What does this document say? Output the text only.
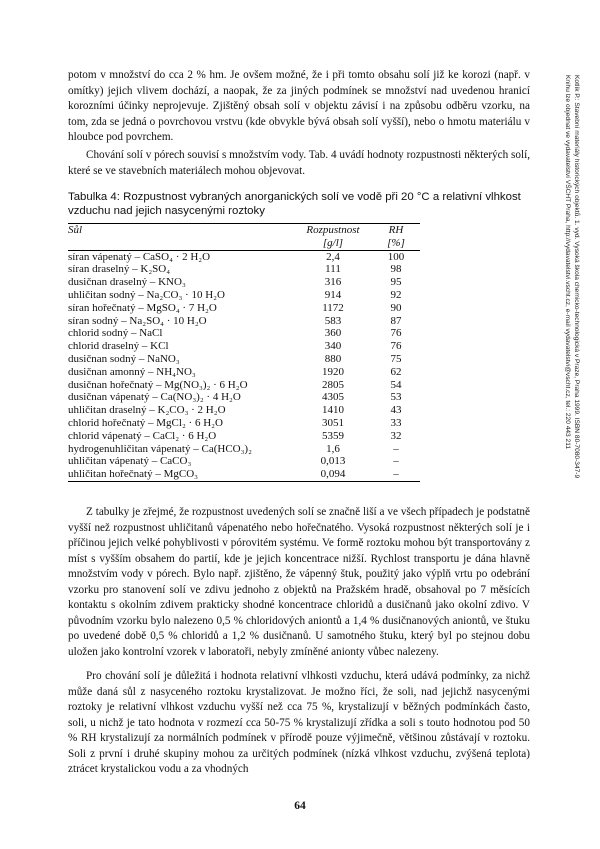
Kotlík P.: Stavební materiály historických objektů. 1. vyd. Vysoká škola chemicko-technologická v Praze, Praha 1999. ISBN 80-7080-347-9
Knihu lze objednat ve vydavatelství VŠCHT Praha, http://vydavatelstvi.vscht.cz, e-mail vydavatelstvi@vscht.cz, tel.: 220 443 211

potom v množství do cca 2 % hm. Je ovšem možné, že i při tomto obsahu solí již ke korozi (např. v omítky) jejich vlivem dochází, a naopak, že za jiných podmínek se množství nad uvedenou hranicí korozními účinky neprojevuje. Zjištěný obsah solí v objektu závisí i na způsobu odběru vzorku, na tom, zda se jedná o povrchovou vrstvu (kde obvykle bývá obsah solí vyšší), nebo o hmotu materiálu v hloubce pod povrchem.

Chování solí v pórech souvisí s množstvím vody. Tab. 4 uvádí hodnoty rozpustnosti některých solí, které se ve stavebních materiálech mohou objevovat.

Tabulka 4: Rozpustnost vybraných anorganických solí ve vodě při 20 °C a relativní vlhkost vzduchu nad jejich nasycenými roztoky

Sůl	Rozpustnost	RH
	[g/l]	[%]
síran vápenatý – CaSO₄ · 2 H₂O	2,4	100
síran draselný – K₂SO₄	111	98
dusičnan draselný – KNO₃	316	95
uhličitan sodný – Na₂CO₃ · 10 H₂O	914	92
síran hořečnatý – MgSO₄ · 7 H₂O	1172	90
síran sodný – Na₂SO₄ · 10 H₂O	583	87
chlorid sodný – NaCl	360	76
chlorid draselný – KCl	340	76
dusičnan sodný – NaNO₃	880	75
dusičnan amonný – NH₄NO₃	1920	62
dusičnan hořečnatý – Mg(NO₃)₂ · 6 H₂O	2805	54
dusičnan vápenatý – Ca(NO₃)₂ · 4 H₂O	4305	53
uhličitan draselný – K₂CO₃ · 2 H₂O	1410	43
chlorid hořečnatý – MgCl₂ · 6 H₂O	3051	33
chlorid vápenatý – CaCl₂ · 6 H₂O	5359	32
hydrogenuhličitan vápenatý – Ca(HCO₃)₂	1,6	–
uhličitan vápenatý – CaCO₃	0,013	–
uhličitan hořečnatý – MgCO₃	0,094	–

Z tabulky je zřejmé, že rozpustnost uvedených solí se značně liší a ve všech případech je podstatně vyšší než rozpustnost uhličitanů vápenatého nebo hořečnatého. Vysoká rozpustnost některých solí je i příčinou jejich velké pohyblivosti v pórovitém systému. Ve formě roztoku mohou být transportovány z míst s vyšším obsahem do partií, kde je jejich koncentrace nižší. Rychlost transportu je dána hlavně množstvím vody v pórech. Bylo např. zjištěno, že vápenný štuk, použitý jako výplň vrtu po odebrání vzorku pro stanovení solí ve zdivu jednoho z objektů na Pražském hradě, obsahoval po 7 měsících kontaktu s okolním zdivem prakticky shodné koncentrace chloridů a dusičnanů jako okolní zdivo. V původním vzorku bylo nalezeno 0,5 % chloridových aniontů a 1,4 % dusičnanových aniontů, ve štuku po uvedené době 0,5 % chloridů a 1,2 % dusičnanů. U samotného štuku, který byl po stejnou dobu uložen jako kontrolní vzorek v laboratoři, nebyly zmíněné anionty vůbec nalezeny.

Pro chování solí je důležitá i hodnota relativní vlhkosti vzduchu, která udává podmínky, za nichž může daná sůl z nasyceného roztoku krystalizovat. Je možno říci, že soli, nad jejichž nasycenými roztoky je relativní vlhkost vzduchu vyšší než cca 75 %, krystalizují v běžných podmínkách často, soli, u nichž je tato hodnota v rozmezí cca 50-75 % krystalizují zřídka a soli s touto hodnotou pod 50 % RH krystalizují za normálních podmínek v přírodě pouze výjimečně, většinou zůstávají v roztoku. Soli z první i druhé skupiny mohou za určitých podmínek (nízká vlhkost vzduchu, zvýšená teplota) ztrácet krystalickou vodu a za vhodných

64
